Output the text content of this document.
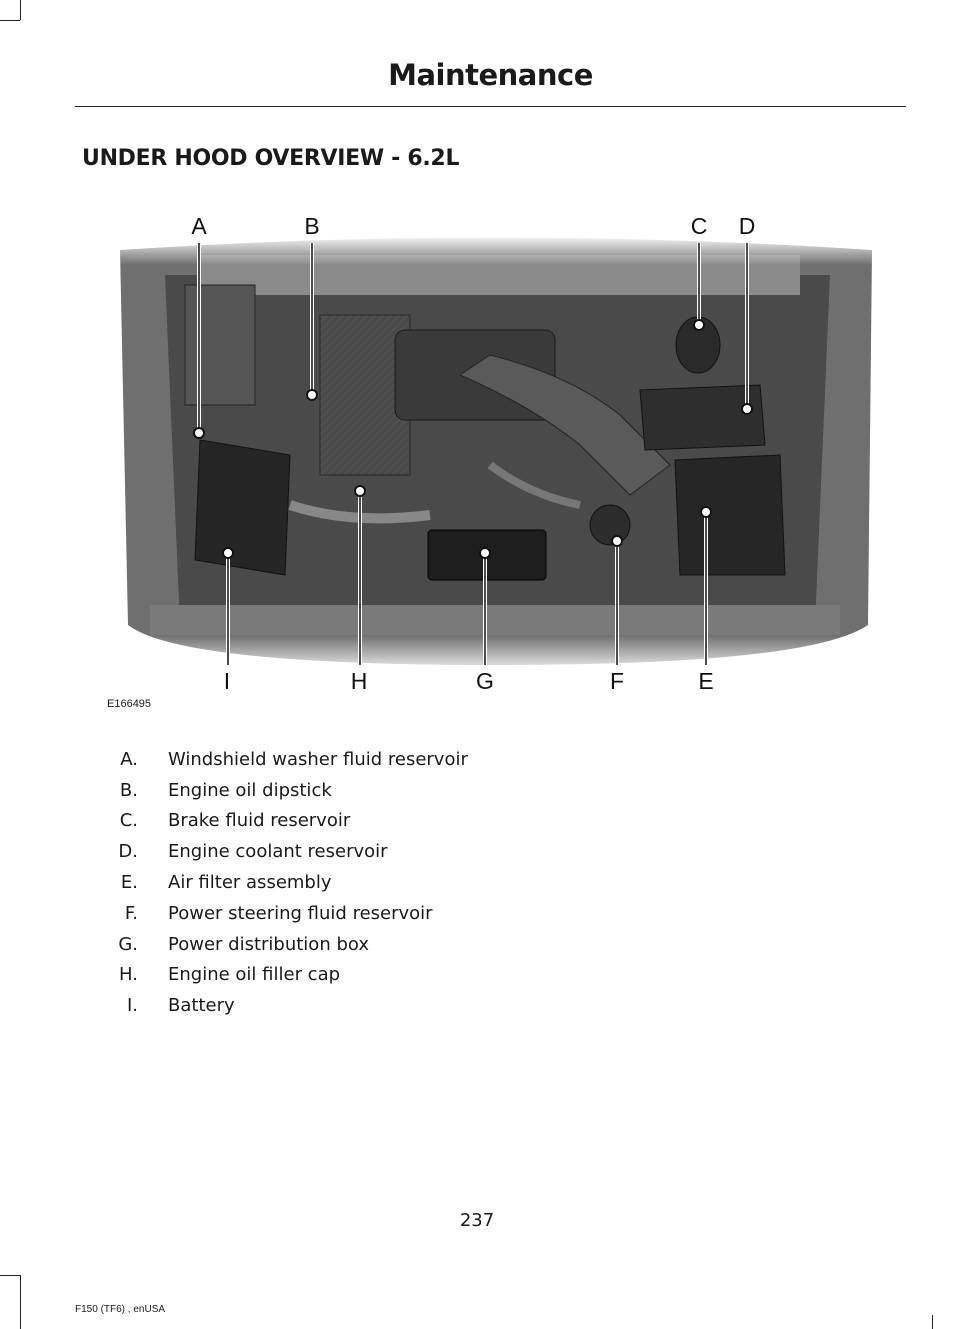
Maintenance
UNDER HOOD OVERVIEW - 6.2L
A	B	C D
I	H	G	F	E
E166495
A. Windshield washer fluid reservoir
B. Engine oil dipstick
C. Brake fluid reservoir
D. Engine coolant reservoir
E. Air filter assembly
F. Power steering fluid reservoir
G. Power distribution box
H. Engine oil filler cap
I. Battery
237
F150 (TF6) , enUSA
